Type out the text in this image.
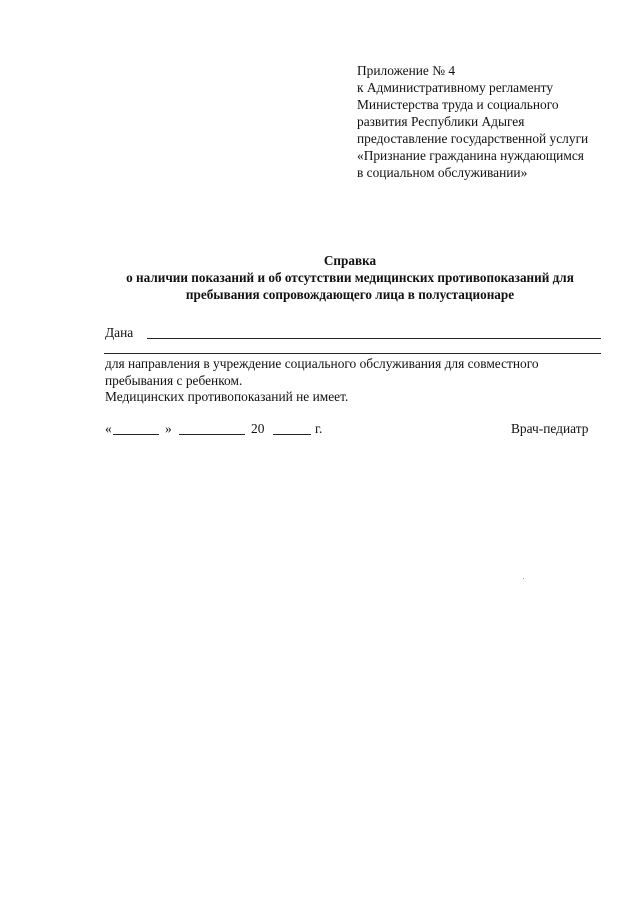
Приложение № 4
к Административному регламенту
Министерства труда и социального
развития Республики Адыгея
предоставление государственной услуги
«Признание гражданина нуждающимся
в социальном обслуживании»
Справка
о наличии показаний и об отсутствии медицинских противопоказаний для
пребывания сопровождающего лица в полустационаре
Дана
для направления в учреждение социального обслуживания для совместного
пребывания с ребенком.
Медицинских противопоказаний не имеет.
«	»	20	г.	Врач-педиатр
